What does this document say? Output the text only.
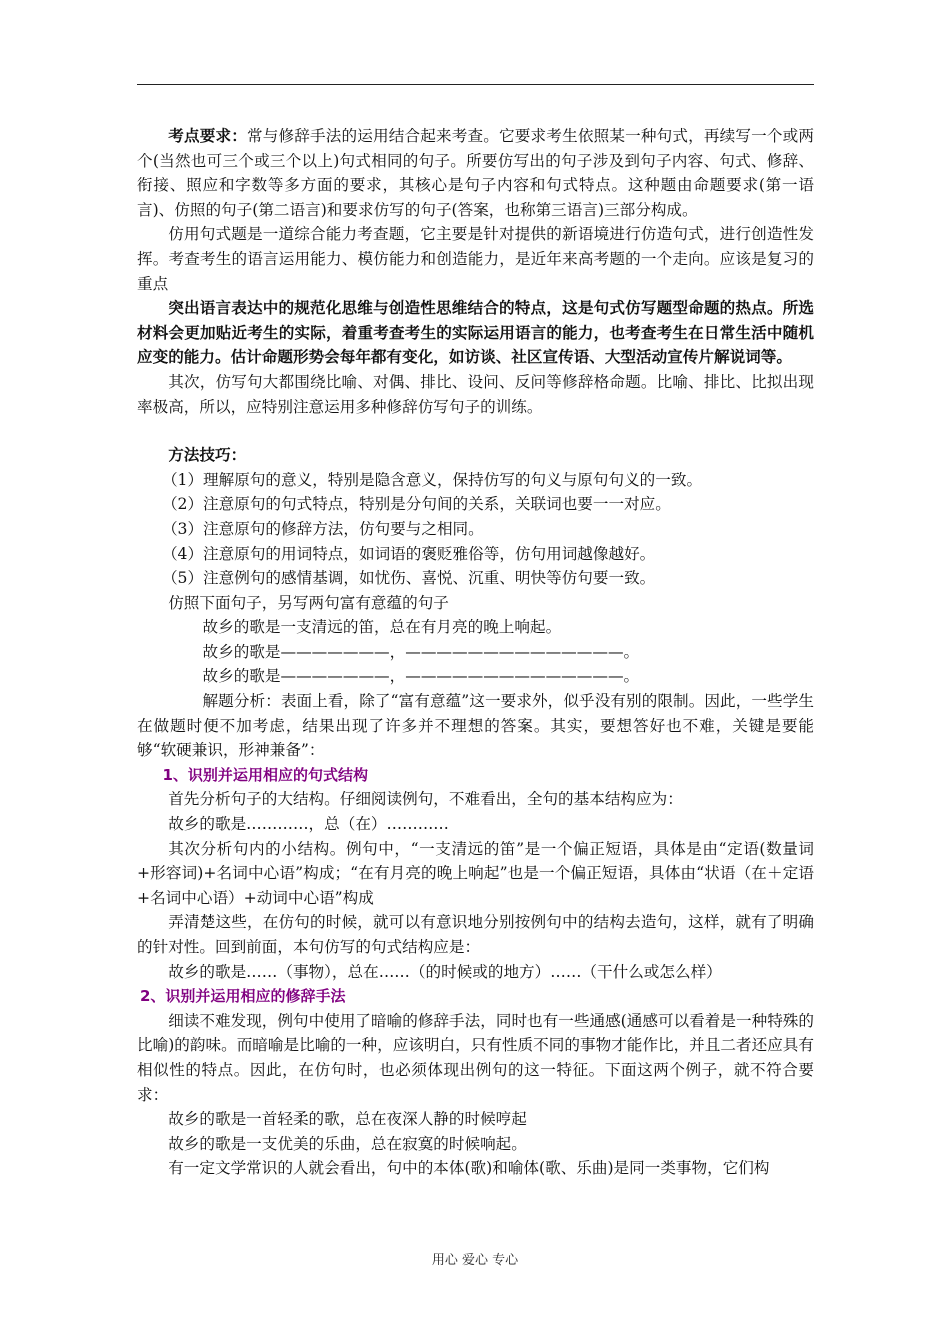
考点要求：常与修辞手法的运用结合起来考查。它要求考生依照某一种句式，再续写一个或两个(当然也可三个或三个以上)句式相同的句子。所要仿写出的句子涉及到句子内容、句式、修辞、衔接、照应和字数等多方面的要求，其核心是句子内容和句式特点。这种题由命题要求(第一语言)、仿照的句子(第二语言)和要求仿写的句子(答案，也称第三语言)三部分构成。

仿用句式题是一道综合能力考查题，它主要是针对提供的新语境进行仿造句式，进行创造性发挥。考查考生的语言运用能力、模仿能力和创造能力，是近年来高考题的一个走向。应该是复习的重点

突出语言表达中的规范化思维与创造性思维结合的特点，这是句式仿写题型命题的热点。所选材料会更加贴近考生的实际，着重考查考生的实际运用语言的能力，也考查考生在日常生活中随机应变的能力。估计命题形势会每年都有变化，如访谈、社区宣传语、大型活动宣传片解说词等。

其次，仿写句大都围绕比喻、对偶、排比、设问、反问等修辞格命题。比喻、排比、比拟出现率极高，所以，应特别注意运用多种修辞仿写句子的训练。

方法技巧：

（1）理解原句的意义，特别是隐含意义，保持仿写的句义与原句句义的一致。

（2）注意原句的句式特点，特别是分句间的关系，关联词也要一一对应。

（3）注意原句的修辞方法，仿句要与之相同。

（4）注意原句的用词特点，如词语的褒贬雅俗等，仿句用词越像越好。

（5）注意例句的感情基调，如忧伤、喜悦、沉重、明快等仿句要一致。

仿照下面句子，另写两句富有意蕴的句子

故乡的歌是一支清远的笛，总在有月亮的晚上响起。

故乡的歌是———————，——————————————。

故乡的歌是———————，——————————————。

解题分析：表面上看，除了“富有意蕴”这一要求外，似乎没有别的限制。因此，一些学生在做题时便不加考虑，结果出现了许多并不理想的答案。其实，要想答好也不难，关键是要能够“软硬兼识，形神兼备”：

1、识别并运用相应的句式结构

首先分析句子的大结构。仔细阅读例句，不难看出，全句的基本结构应为：

故乡的歌是…………，总（在）…………

其次分析句内的小结构。例句中，“一支清远的笛”是一个偏正短语，具体是由“定语(数量词+形容词)+名词中心语”构成；“在有月亮的晚上响起”也是一个偏正短语，具体由“状语（在＋定语+名词中心语）+动词中心语”构成

弄清楚这些，在仿句的时候，就可以有意识地分别按例句中的结构去造句，这样，就有了明确的针对性。回到前面，本句仿写的句式结构应是：

故乡的歌是……（事物），总在……（的时候或的地方）……（干什么或怎么样）

2、识别并运用相应的修辞手法

细读不难发现，例句中使用了暗喻的修辞手法，同时也有一些通感(通感可以看着是一种特殊的比喻)的韵味。而暗喻是比喻的一种，应该明白，只有性质不同的事物才能作比，并且二者还应具有相似性的特点。因此，在仿句时，也必须体现出例句的这一特征。下面这两个例子，就不符合要求：

故乡的歌是一首轻柔的歌，总在夜深人静的时候哼起

故乡的歌是一支优美的乐曲，总在寂寞的时候响起。

有一定文学常识的人就会看出，句中的本体(歌)和喻体(歌、乐曲)是同一类事物，它们构

用心 爱心 专心
